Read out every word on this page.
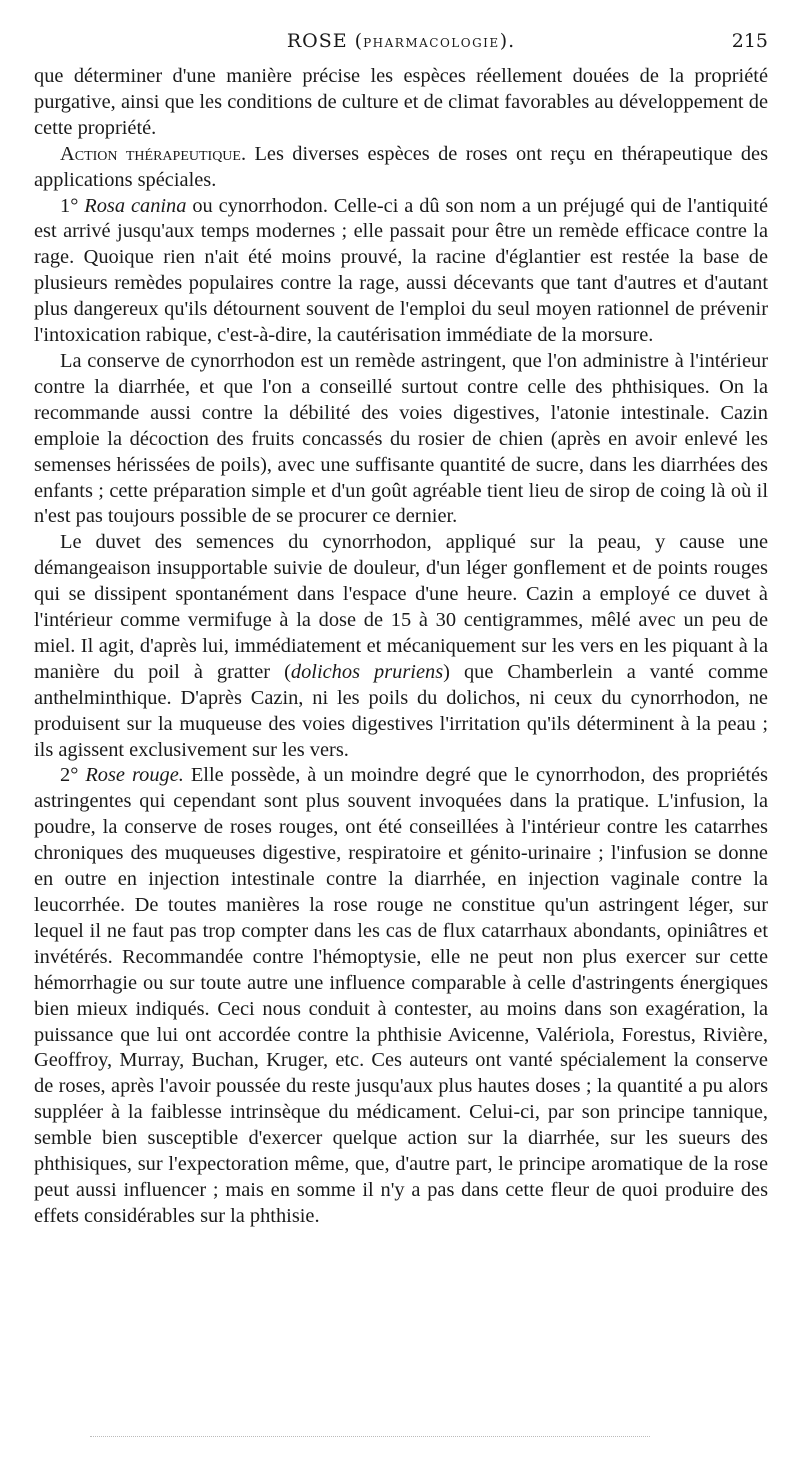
ROSE (PHARMACOLOGIE).	215

que déterminer d'une manière précise les espèces réellement douées de la propriété purgative, ainsi que les conditions de culture et de climat favorables au développement de cette propriété.

Action thérapeutique. Les diverses espèces de roses ont reçu en thérapeutique des applications spéciales.

1° Rosa canina ou cynorrhodon. Celle-ci a dû son nom a un préjugé qui de l'antiquité est arrivé jusqu'aux temps modernes ; elle passait pour être un remède efficace contre la rage. Quoique rien n'ait été moins prouvé, la racine d'églantier est restée la base de plusieurs remèdes populaires contre la rage, aussi décevants que tant d'autres et d'autant plus dangereux qu'ils détournent souvent de l'emploi du seul moyen rationnel de prévenir l'intoxication rabique, c'est-à-dire, la cautérisation immédiate de la morsure.

La conserve de cynorrhodon est un remède astringent, que l'on administre à l'intérieur contre la diarrhée, et que l'on a conseillé surtout contre celle des phthisiques. On la recommande aussi contre la débilité des voies digestives, l'atonie intestinale. Cazin emploie la décoction des fruits concassés du rosier de chien (après en avoir enlevé les semenses hérissées de poils), avec une suffisante quantité de sucre, dans les diarrhées des enfants ; cette préparation simple et d'un goût agréable tient lieu de sirop de coing là où il n'est pas toujours possible de se procurer ce dernier.

Le duvet des semences du cynorrhodon, appliqué sur la peau, y cause une démangeaison insupportable suivie de douleur, d'un léger gonflement et de points rouges qui se dissipent spontanément dans l'espace d'une heure. Cazin a employé ce duvet à l'intérieur comme vermifuge à la dose de 15 à 30 centigrammes, mêlé avec un peu de miel. Il agit, d'après lui, immédiatement et mécaniquement sur les vers en les piquant à la manière du poil à gratter (dolichos pruriens) que Chamberlein a vanté comme anthelminthique. D'après Cazin, ni les poils du dolichos, ni ceux du cynorrhodon, ne produisent sur la muqueuse des voies digestives l'irritation qu'ils déterminent à la peau ; ils agissent exclusivement sur les vers.

2° Rose rouge. Elle possède, à un moindre degré que le cynorrhodon, des propriétés astringentes qui cependant sont plus souvent invoquées dans la pratique. L'infusion, la poudre, la conserve de roses rouges, ont été conseillées à l'intérieur contre les catarrhes chroniques des muqueuses digestive, respiratoire et génito-urinaire ; l'infusion se donne en outre en injection intestinale contre la diarrhée, en injection vaginale contre la leucorrhée. De toutes manières la rose rouge ne constitue qu'un astringent léger, sur lequel il ne faut pas trop compter dans les cas de flux catarrhaux abondants, opiniâtres et invétérés. Recommandée contre l'hémoptysie, elle ne peut non plus exercer sur cette hémorrhagie ou sur toute autre une influence comparable à celle d'astringents énergiques bien mieux indiqués. Ceci nous conduit à contester, au moins dans son exagération, la puissance que lui ont accordée contre la phthisie Avicenne, Valériola, Forestus, Rivière, Geoffroy, Murray, Buchan, Kruger, etc. Ces auteurs ont vanté spécialement la conserve de roses, après l'avoir poussée du reste jusqu'aux plus hautes doses ; la quantité a pu alors suppléer à la faiblesse intrinsèque du médicament. Celui-ci, par son principe tannique, semble bien susceptible d'exercer quelque action sur la diarrhée, sur les sueurs des phthisiques, sur l'expectoration même, que, d'autre part, le principe aromatique de la rose peut aussi influencer ; mais en somme il n'y a pas dans cette fleur de quoi produire des effets considérables sur la phthisie.
